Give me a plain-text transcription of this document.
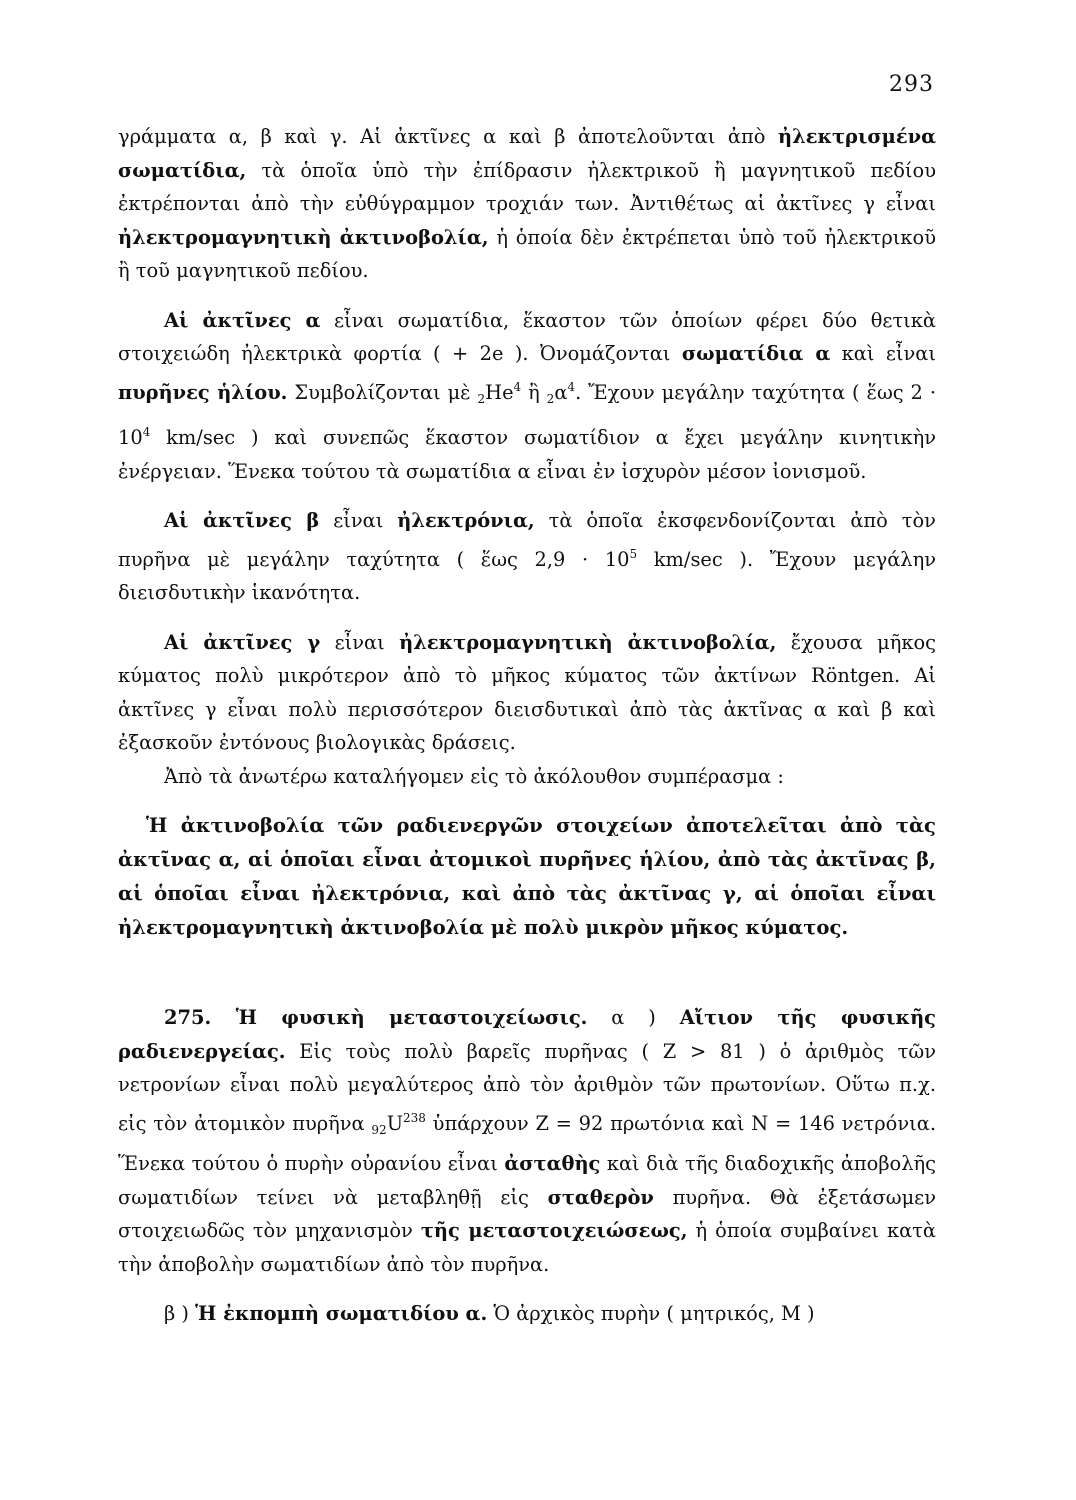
293

γράμματα α, β καὶ γ. Αἱ ἀκτῖνες α καὶ β ἀποτελοῦνται ἀπὸ ἠλεκτρισμένα σωματίδια, τὰ ὁποῖα ὑπὸ τὴν ἐπίδρασιν ἠλεκτρικοῦ ἢ μαγνητικοῦ πεδίου ἐκτρέπονται ἀπὸ τὴν εὐθύγραμμον τροχιάν των. Ἀντιθέτως αἱ ἀκτῖνες γ εἶναι ἠλεκτρομαγνητικὴ ἀκτινοβολία, ἡ ὁποία δὲν ἐκτρέπεται ὑπὸ τοῦ ἠλεκτρικοῦ ἢ τοῦ μαγνητικοῦ πεδίου.

Αἱ ἀκτῖνες α εἶναι σωματίδια, ἕκαστον τῶν ὁποίων φέρει δύο θετικὰ στοιχειώδη ἠλεκτρικὰ φορτία ( + 2e ). Ὀνομάζονται σωματίδια α καὶ εἶναι πυρῆνες ἡλίου. Συμβολίζονται μὲ $_2He^4$ ἢ $_2\alpha^4$. Ἔχουν μεγάλην ταχύτητα ( ἕως $2 \cdot 10^4$ km/sec ) καὶ συνεπῶς ἕκαστον σωματίδιον α ἔχει μεγάλην κινητικὴν ἐνέργειαν. Ἕνεκα τούτου τὰ σωματίδια α εἶναι ἐν ἰσχυρὸν μέσον ἰονισμοῦ.

Αἱ ἀκτῖνες β εἶναι ἠλεκτρόνια, τὰ ὁποῖα ἐκσφενδονίζονται ἀπὸ τὸν πυρῆνα μὲ μεγάλην ταχύτητα ( ἕως $2,9 \cdot 10^5$ km/sec ). Ἔχουν μεγάλην διεισδυτικὴν ἱκανότητα.

Αἱ ἀκτῖνες γ εἶναι ἠλεκτρομαγνητικὴ ἀκτινοβολία, ἔχουσα μῆκος κύματος πολὺ μικρότερον ἀπὸ τὸ μῆκος κύματος τῶν ἀκτίνων Röntgen. Αἱ ἀκτῖνες γ εἶναι πολὺ περισσότερον διεισδυτικαὶ ἀπὸ τὰς ἀκτῖνας α καὶ β καὶ ἐξασκοῦν ἐντόνους βιολογικὰς δράσεις.

Ἀπὸ τὰ ἀνωτέρω καταλήγομεν εἰς τὸ ἀκόλουθον συμπέρασμα :

Ἡ ἀκτινοβολία τῶν ραδιενεργῶν στοιχείων ἀποτελεῖται ἀπὸ τὰς ἀκτῖνας α, αἱ ὁποῖαι εἶναι ἀτομικοὶ πυρῆνες ἡλίου, ἀπὸ τὰς ἀκτῖνας β, αἱ ὁποῖαι εἶναι ἠλεκτρόνια, καὶ ἀπὸ τὰς ἀκτῖνας γ, αἱ ὁποῖαι εἶναι ἠλεκτρομαγνητικὴ ἀκτινοβολία μὲ πολὺ μικρὸν μῆκος κύματος.

275. Ἡ φυσικὴ μεταστοιχείωσις. α ) Αἴτιον τῆς φυσικῆς ραδιενεργείας. Εἰς τοὺς πολὺ βαρεῖς πυρῆνας ( Z > 81 ) ὁ ἀριθμὸς τῶν νετρονίων εἶναι πολὺ μεγαλύτερος ἀπὸ τὸν ἀριθμὸν τῶν πρωτονίων. Οὕτω π.χ. εἰς τὸν ἀτομικὸν πυρῆνα $_{92}U^{238}$ ὑπάρχουν Z = 92 πρωτόνια καὶ N = 146 νετρόνια. Ἕνεκα τούτου ὁ πυρὴν οὐρανίου εἶναι ἀσταθὴς καὶ διὰ τῆς διαδοχικῆς ἀποβολῆς σωματιδίων τείνει νὰ μεταβληθῇ εἰς σταθερὸν πυρῆνα. Θὰ ἐξετάσωμεν στοιχειωδῶς τὸν μηχανισμὸν τῆς μεταστοιχειώσεως, ἡ ὁποία συμβαίνει κατὰ τὴν ἀποβολὴν σωματιδίων ἀπὸ τὸν πυρῆνα.

β ) Ἡ ἐκπομπὴ σωματιδίου α. Ὁ ἀρχικὸς πυρὴν ( μητρικός, M )
